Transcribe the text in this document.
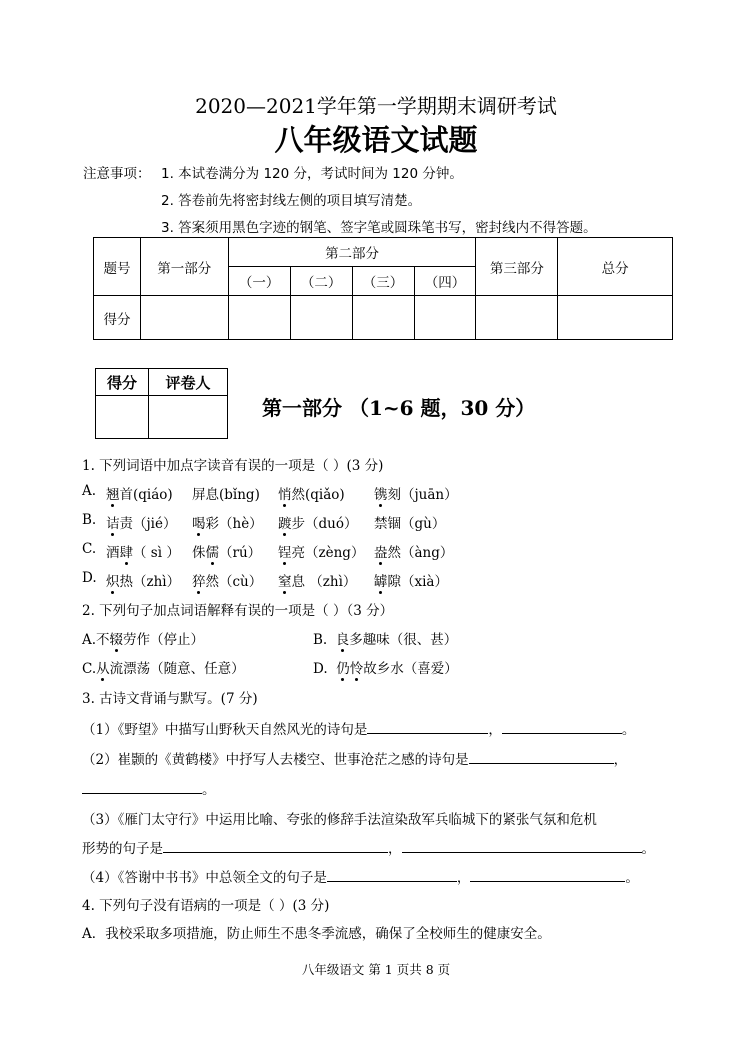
2020—2021学年第一学期期末调研考试
八年级语文试题
注意事项： 1. 本试卷满分为 120 分，考试时间为 120 分钟。
2. 答卷前先将密封线左侧的项目填写清楚。
3. 答案须用黑色字迹的钢笔、签字笔或圆珠笔书写，密封线内不得答题。
题号	第一部分	第二部分				第三部分	总分
		（一）	（二）	（三）	（四）		
得分							
得分	评卷人

第一部分 （1~6 题，30 分）
1. 下列词语中加点字读音有误的一项是（ ）(3 分)
A. 翘首(qiáo) 屏息(bǐng) 悄然(qiǎo) 镌刻（juān）
B. 诘责（jié） 喝彩（hè） 踱步（duó） 禁锢（gù）
C. 酒肆（ sì ） 侏儒（rú） 锃亮（zèng） 盎然（àng）
D. 炽热（zhì） 猝然（cù） 窒息 （zhì） 罅隙（xià）
2. 下列句子加点词语解释有误的一项是（ ）（3 分）
A.不辍劳作（停止）	B.  良多趣味（很、甚）
C.从流漂荡（随意、任意）	D.  仍怜故乡水（喜爱）
3. 古诗文背诵与默写。(7 分)
（1）《野望》中描写山野秋天自然风光的诗句是	，	。
（2）崔颢的《黄鹤楼》中抒写人去楼空、世事沧茫之感的诗句是	，
。
（3）《雁门太守行》中运用比喻、夸张的修辞手法渲染敌军兵临城下的紧张气氛和危机
形势的句子是	，	。
（4）《答谢中书书》中总领全文的句子是	，	。
4. 下列句子没有语病的一项是（ ）(3 分)
A．我校采取多项措施，防止师生不患冬季流感，确保了全校师生的健康安全。
八年级语文 第 1 页共 8 页
